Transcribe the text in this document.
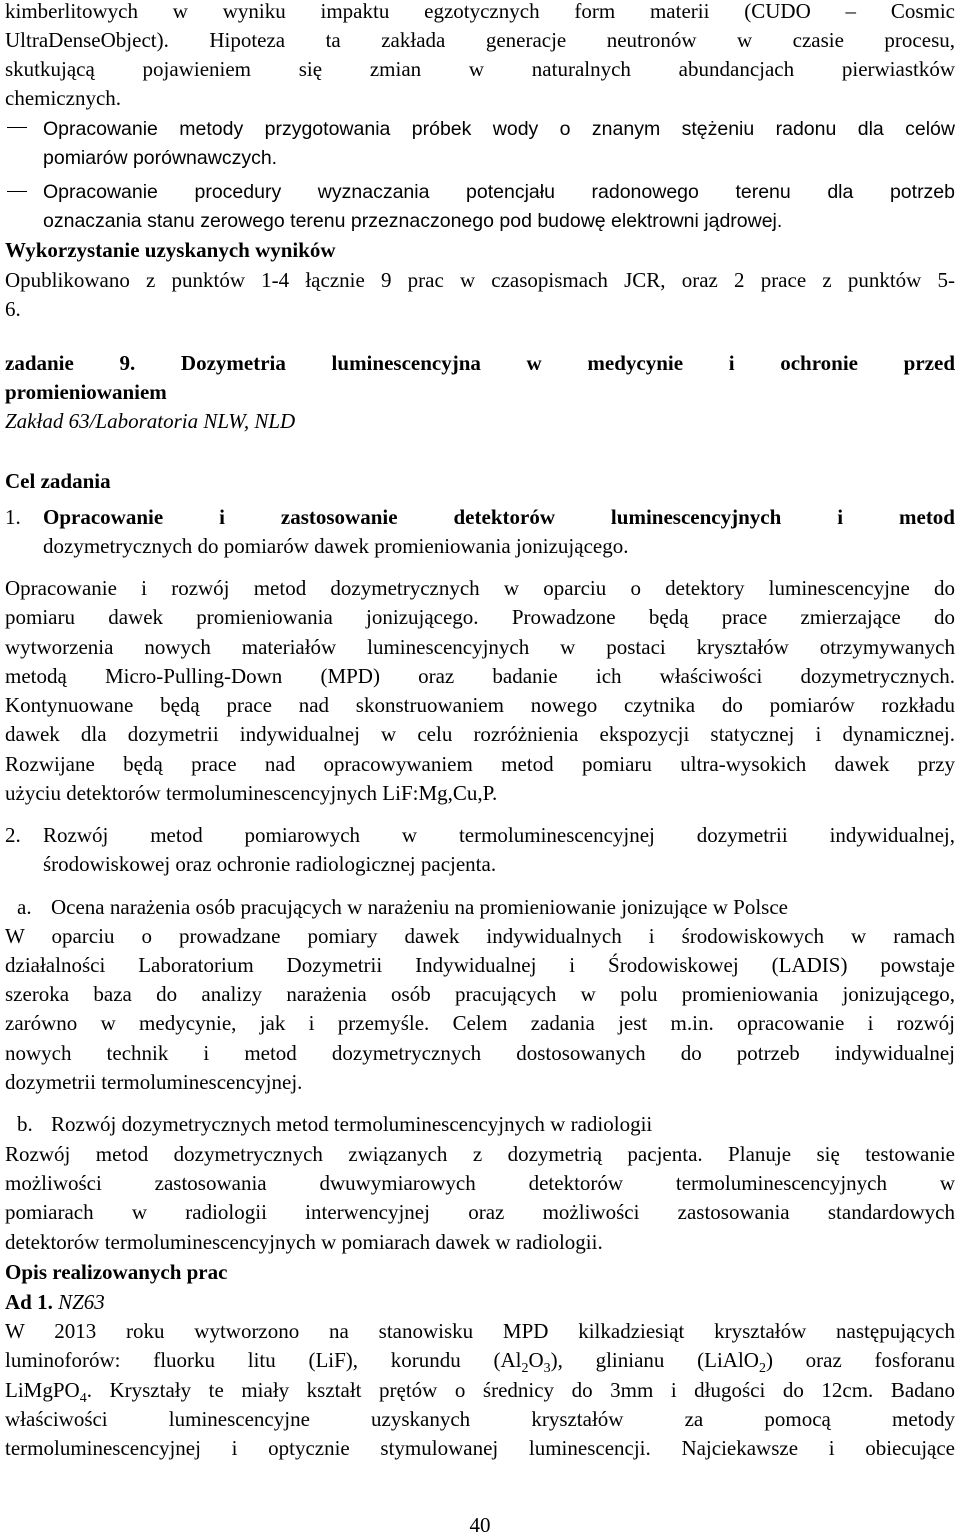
kimberlitowych w wyniku impaktu egzotycznych form materii (CUDO – Cosmic
UltraDenseObject). Hipoteza ta zakłada generacje neutronów w czasie procesu,
skutkującą pojawieniem się zmian w naturalnych abundancjach pierwiastków
chemicznych.
Opracowanie metody przygotowania próbek wody o znanym stężeniu radonu dla celów
pomiarów porównawczych.
Opracowanie procedury wyznaczania potencjału radonowego terenu dla potrzeb
oznaczania stanu zerowego terenu przeznaczonego pod budowę elektrowni jądrowej.
Wykorzystanie uzyskanych wyników
Opublikowano z punktów 1-4 łącznie 9 prac w czasopismach JCR, oraz 2 prace z punktów 5-
6.
zadanie 9. Dozymetria luminescencyjna w medycynie i ochronie przed
promieniowaniem
Zakład 63/Laboratoria NLW, NLD
Cel zadania
1. Opracowanie i zastosowanie detektorów luminescencyjnych i metod
dozymetrycznych do pomiarów dawek promieniowania jonizującego.
Opracowanie i rozwój metod dozymetrycznych w oparciu o detektory luminescencyjne do
pomiaru dawek promieniowania jonizującego. Prowadzone będą prace zmierzające do
wytworzenia nowych materiałów luminescencyjnych w postaci kryształów otrzymywanych
metodą Micro-Pulling-Down (MPD) oraz badanie ich właściwości dozymetrycznych.
Kontynuowane będą prace nad skonstruowaniem nowego czytnika do pomiarów rozkładu
dawek dla dozymetrii indywidualnej w celu rozróżnienia ekspozycji statycznej i dynamicznej.
Rozwijane będą prace nad opracowywaniem metod pomiaru ultra-wysokich dawek przy
użyciu detektorów termoluminescencyjnych LiF:Mg,Cu,P.
2. Rozwój metod pomiarowych w termoluminescencyjnej dozymetrii indywidualnej,
środowiskowej oraz ochronie radiologicznej pacjenta.
a. Ocena narażenia osób pracujących w narażeniu na promieniowanie jonizujące w Polsce
W oparciu o prowadzane pomiary dawek indywidualnych i środowiskowych w ramach
działalności Laboratorium Dozymetrii Indywidualnej i Środowiskowej (LADIS) powstaje
szeroka baza do analizy narażenia osób pracujących w polu promieniowania jonizującego,
zarówno w medycynie, jak i przemyśle. Celem zadania jest m.in. opracowanie i rozwój
nowych technik i metod dozymetrycznych dostosowanych do potrzeb indywidualnej
dozymetrii termoluminescencyjnej.
b. Rozwój dozymetrycznych metod termoluminescencyjnych w radiologii
Rozwój metod dozymetrycznych związanych z dozymetrią pacjenta. Planuje się testowanie
możliwości zastosowania dwuwymiarowych detektorów termoluminescencyjnych w
pomiarach w radiologii interwencyjnej oraz możliwości zastosowania standardowych
detektorów termoluminescencyjnych w pomiarach dawek w radiologii.
Opis realizowanych prac
Ad 1. NZ63
W 2013 roku wytworzono na stanowisku MPD kilkadziesiąt kryształów następujących
luminoforów: fluorku litu (LiF), korundu $(Al_2O_3)$, glinianu (LiAlO$_2$) oraz fosforanu
LiMgPO$_4$. Kryształy te miały kształt prętów o średnicy do 3mm i długości do 12cm. Badano
właściwości luminescencyjne uzyskanych kryształów za pomocą metody
termoluminescencyjnej i optycznie stymulowanej luminescencji. Najciekawsze i obiecujące
40
